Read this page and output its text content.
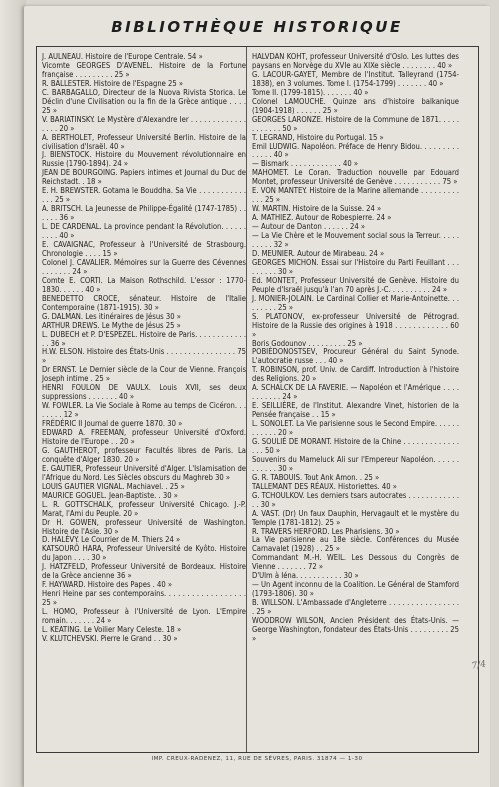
BIBLIOTHÈQUE HISTORIQUE

J. AULNEAU. Histoire de l'Europe Centrale. 54 »

Vicomte GEORGES D'AVENEL. Histoire de la Fortune française . . . . . . . . . 25 »

R. BALLESTER. Histoire de l'Espagne 25 »

C. BARBAGALLO, Directeur de la Nuova Rivista Storica. Le Déclin d'une Civilisation ou la fin de la Grèce antique . . . . 25 »

V. BARIATINSKY. Le Mystère d'Alexandre Ier . . . . . . . . . . . . . . . . . 20 »

A. BERTHOLET, Professeur Université Berlin. Histoire de la civilisation d'Israël. 40 »

J. BIENSTOCK. Histoire du Mouvement révolutionnaire en Russie (1790-1894). 24 »

JEAN DE BOURGOING. Papiers intimes et Journal du Duc de Reichstadt. . 18 »

E. H. BREWSTER. Gotama le Bouddha. Sa Vie . . . . . . . . . . . . . . 25 »

A. BRITSCH. La Jeunesse de Philippe-Égalité (1747-1785) . . . . . . 36 »

L. DE CARDENAL. La province pendant la Révolution. . . . . . . . . . 40 »

E. CAVAIGNAC, Professeur à l'Université de Strasbourg. Chronologie . . . . 15 »

Colonel J. CAVALIER. Mémoires sur la Guerre des Cévennes . . . . . . . 24 »

Comte E. CORTI. La Maison Rothschild. L'essor : 1770-1830. . . . . . 40 »

BENEDETTO CROCE, sénateur. Histoire de l'Italie Contemporaine (1871-1915). 30 »

G. DALMAN. Les itinéraires de Jésus 30 »

ARTHUR DREWS. Le Mythe de Jésus 25 »

L. DUBECH et P. D'ESPEZEL. Histoire de Paris. . . . . . . . . . . . . . 36 »

H.W. ELSON. Histoire des États-Unis . . . . . . . . . . . . . . . . 75 »

Dr ERNST. Le Dernier siècle de la Cour de Vienne. François Joseph intime . 25 »

HENRI FOULON DE VAULX. Louis XVII, ses deux suppressions . . . . . . . 40 »

W. FOWLER. La Vie Sociale à Rome au temps de Cicéron. . . . . . . . 12 »

FRÉDÉRIC II Journal de guerre 1870. 30 »

EDWARD A. FREEMAN, professeur Université d'Oxford. Histoire de l'Europe . . 20 »

G. GAUTHEROT, professeur Facultés libres de Paris. La conquête d'Alger 1830. 20 »

E. GAUTIER, Professeur Université d'Alger. L'Islamisation de l'Afrique du Nord. Les Siècles obscurs du Maghreb 30 »

LOUIS GAUTIER VIGNAL. Machiavel. . 25 »

MAURICE GOGUEL. Jean-Baptiste. . 30 »

L. R. GOTTSCHALK, professeur Université Chicago. J.-P. Marat, l'Ami du Peuple. 20 »

Dr H. GOWEN, professeur Université de Washington. Histoire de l'Asie. 30 »

D. HALÉVY. Le Courrier de M. Thiers 24 »

KATSOURÔ HARA, Professeur Université de Kyôto. Histoire du Japon . . . . 30 »

J. HATZFELD, Professeur Université de Bordeaux. Histoire de la Grèce ancienne 36 »

F. HAYWARD. Histoire des Papes . 40 »

Henri Heine par ses contemporains. . . . . . . . . . . . . . . . . . 25 »

L. HOMO, Professeur à l'Université de Lyon. L'Empire romain. . . . . . . 24 »

L. KEATING. Le Voilier Mary Celeste. 18 »

V. KLUTCHEVSKI. Pierre le Grand . . 30 »

HALVDAN KOHT, professeur Université d'Oslo. Les luttes des paysans en Norvège du XVIe au XIXe siècle . . . . . . . . 40 »

G. LACOUR-GAYET, Membre de l'Institut. Talleyrand (1754-1838), en 3 volumes. Tome I. (1754-1799) . . . . . . . 40 »

Tome II. (1799-1815). . . . . . . 40 »

Colonel LAMOUCHE. Quinze ans d'histoire balkanique (1904-1918) . . . . . . 25 »

GEORGES LARONZE. Histoire de la Commune de 1871. . . . . . . . . . . . 50 »

T. LEGRAND, Histoire du Portugal. 15 »

Emil LUDWIG. Napoléon. Préface de Henry Bidou. . . . . . . . . . . . . . 40 »

— Bismark . . . . . . . . . . . . 40 »

MAHOMET. Le Coran. Traduction nouvelle par Edouard Montet, professeur Université de Genève . . . . . . . . . . . 75 »

E. VON MANTEY. Histoire de la Marine allemande . . . . . . . . . . . . 25 »

W. MARTIN. Histoire de la Suisse. 24 »

A. MATHIEZ. Autour de Robespierre. 24 »

— Autour de Danton . . . . . . 24 »

— La Vie Chère et le Mouvement social sous la Terreur. . . . . . . . . . 32 »

D. MEUNIER. Autour de Mirabeau. 24 »

GEORGES MICHON. Essai sur l'Histoire du Parti Feuillant . . . . . . . . . 30 »

Ed. MONTET, Professeur Université de Genève. Histoire du Peuple d'Israël jusqu'à l'an 70 après J.-C. . . . . . . . . . 24 »

J. MONIER-JOLAIN. Le Cardinal Collier et Marie-Antoinette. . . . . . . . . 25 »

S. PLATONOV, ex-professeur Université de Pétrograd. Histoire de la Russie des origines à 1918 . . . . . . . . . . . . 60 »

Boris Godounov . . . . . . . . . 25 »

POBIÉDONOSTSEV, Procureur Général du Saint Synode. L'autocratie russe . . . 40 »

T. ROBINSON, prof. Univ. de Cardiff. Introduction à l'histoire des Religions. 20 »

A. SCHALCK DE LA FAVERIE. — Napoléon et l'Amérique . . . . . . . . . . . 24 »

E. SEILLIÈRE, de l'Institut. Alexandre Vinet, historien de la Pensée française . . 15 »

L. SONOLET. La Vie parisienne sous le Second Empire. . . . . . . . . . . . 20 »

G. SOULIÉ DE MORANT. Histoire de la Chine . . . . . . . . . . . . . . . . 50 »

Souvenirs du Mameluck Ali sur l'Empereur Napoléon. . . . . . . . . . . . 30 »

G. R. TABOUIS. Tout Ank Amon. . 25 »

TALLEMANT DES RÉAUX. Historiettes. 40 »

G. TCHOULKOV. Les derniers tsars autocrates . . . . . . . . . . . . . . 30 »

A. VAST. (Dr) Un faux Dauphin, Hervagault et le mystère du Temple (1781-1812). 25 »

R. TRAVERS HERFORD. Les Pharisiens. 30 »

La Vie parisienne au 18e siècle. Conférences du Musée Carnavalet (1928) . . 25 »

Commandant M.-H. WEIL. Les Dessous du Congrès de Vienne . . . . . . . 72 »

D'Ulm à Iéna. . . . . . . . . . . 30 »

— Un Agent inconnu de la Coalition. Le Général de Stamford (1793-1806). 30 »

B. WILLSON. L'Ambassade d'Angleterre . . . . . . . . . . . . . . . . . 25 »

WOODROW WILSON, Ancien Président des États-Unis. — George Washington, fondateur des États-Unis . . . . . . . . . 25 »

IMP. CREUX-RADENEZ, 11, RUE DE SÈVRES, PARIS. 31874 — 1-30
7/4
